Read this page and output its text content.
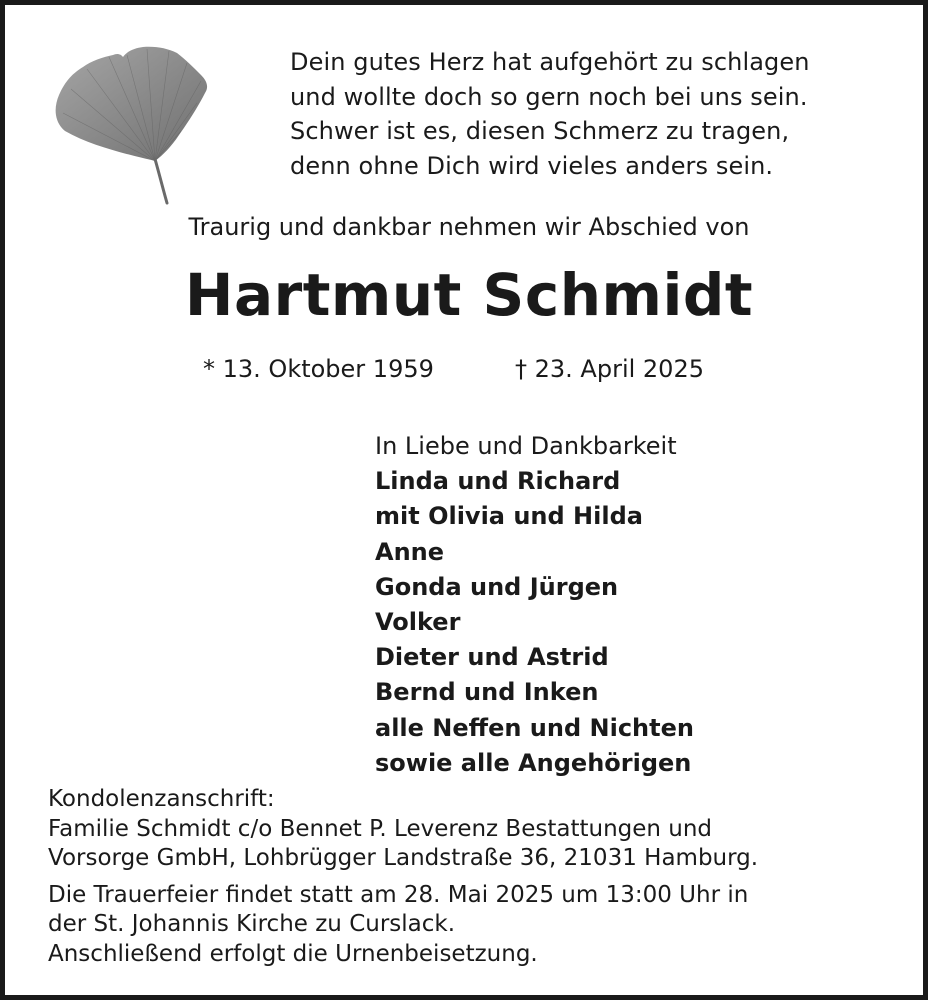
Dein gutes Herz hat aufgehört zu schlagen
und wollte doch so gern noch bei uns sein.
Schwer ist es, diesen Schmerz zu tragen,
denn ohne Dich wird vieles anders sein.
Traurig und dankbar nehmen wir Abschied von
Hartmut Schmidt
* 13. Oktober 1959	† 23. April 2025
In Liebe und Dankbarkeit
Linda und Richard
mit Olivia und Hilda
Anne
Gonda und Jürgen
Volker
Dieter und Astrid
Bernd und Inken
alle Neffen und Nichten
sowie alle Angehörigen
Kondolenzanschrift:
Familie Schmidt c/o Bennet P. Leverenz Bestattungen und
Vorsorge GmbH, Lohbrügger Landstraße 36, 21031 Hamburg.
Die Trauerfeier findet statt am 28. Mai 2025 um 13:00 Uhr in
der St. Johannis Kirche zu Curslack.
Anschließend erfolgt die Urnenbeisetzung.
